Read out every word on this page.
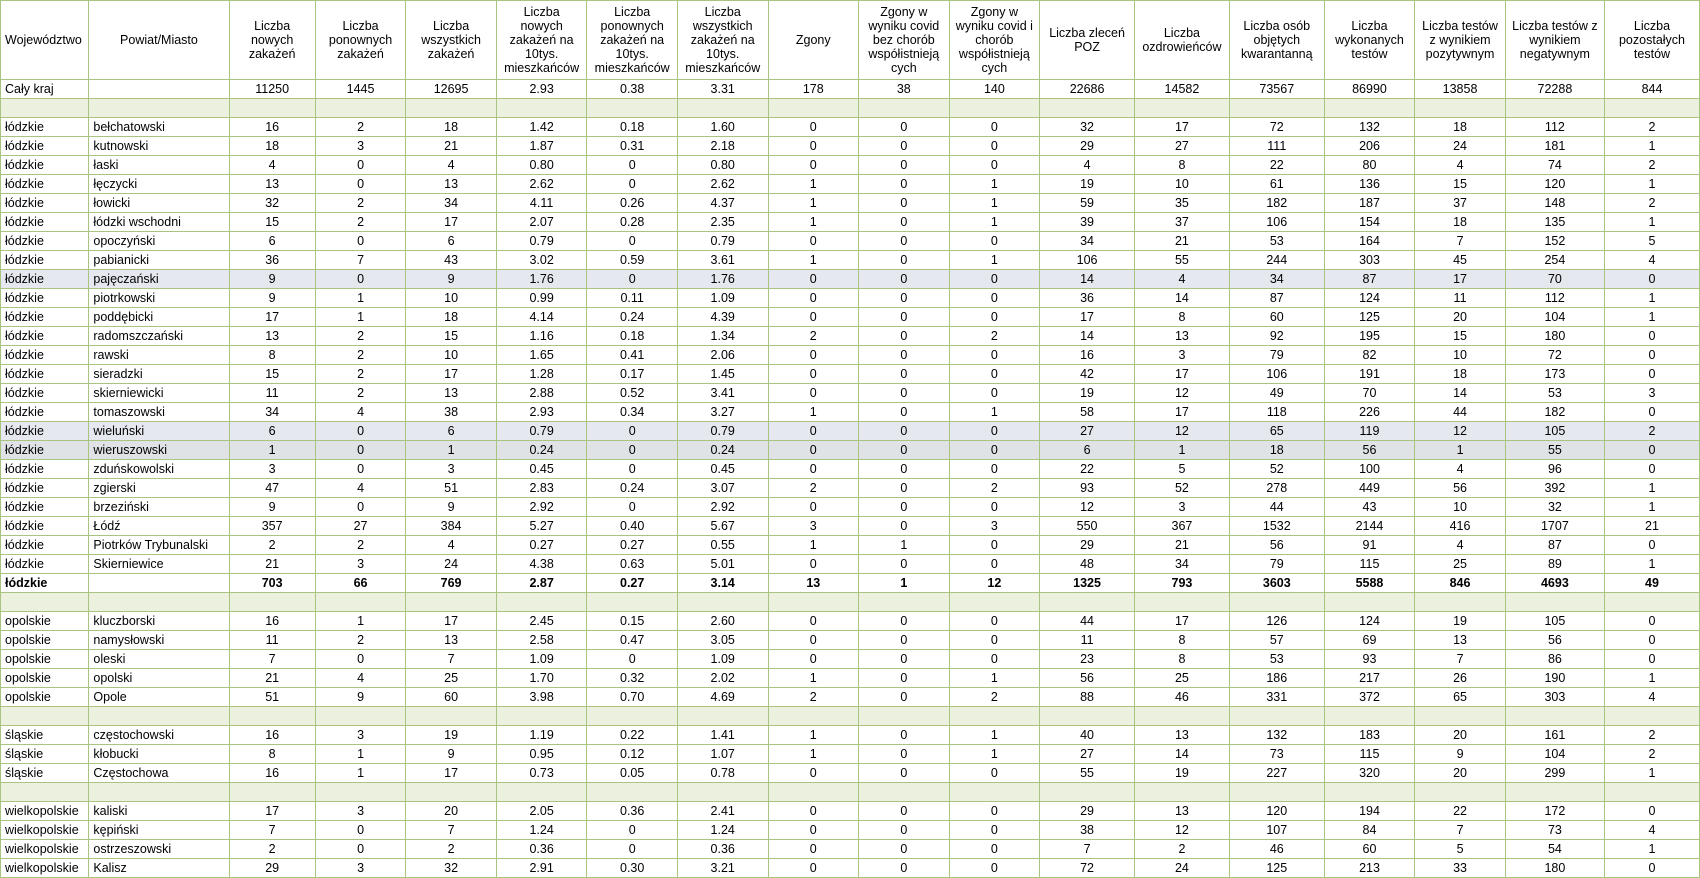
Województwo	Powiat/Miasto	Liczba nowych zakażeń	Liczba ponownych zakażeń	Liczba wszystkich zakażeń	Liczba nowych zakażeń na 10tys. mieszkańców	Liczba ponownych zakażeń na 10tys. mieszkańców	Liczba wszystkich zakażeń na 10tys. mieszkańców	Zgony	Zgony w wyniku covid bez chorób współistnieją cych	Zgony w wyniku covid i chorób współistnieją cych	Liczba zleceń POZ	Liczba ozdrowieńców	Liczba osób objętych kwarantanną	Liczba wykonanych testów	Liczba testów z wynikiem pozytywnym	Liczba testów z wynikiem negatywnym	Liczba pozostałych testów
Cały kraj		11250	1445	12695	2.93	0.38	3.31	178	38	140	22686	14582	73567	86990	13858	72288	844

łódzkie	bełchatowski	16	2	18	1.42	0.18	1.60	0	0	0	32	17	72	132	18	112	2
łódzkie	kutnowski	18	3	21	1.87	0.31	2.18	0	0	0	29	27	111	206	24	181	1
łódzkie	łaski	4	0	4	0.80	0	0.80	0	0	0	4	8	22	80	4	74	2
łódzkie	łęczycki	13	0	13	2.62	0	2.62	1	0	1	19	10	61	136	15	120	1
łódzkie	łowicki	32	2	34	4.11	0.26	4.37	1	0	1	59	35	182	187	37	148	2
łódzkie	łódzki wschodni	15	2	17	2.07	0.28	2.35	1	0	1	39	37	106	154	18	135	1
łódzkie	opoczyński	6	0	6	0.79	0	0.79	0	0	0	34	21	53	164	7	152	5
łódzkie	pabianicki	36	7	43	3.02	0.59	3.61	1	0	1	106	55	244	303	45	254	4
łódzkie	pajęczański	9	0	9	1.76	0	1.76	0	0	0	14	4	34	87	17	70	0
łódzkie	piotrkowski	9	1	10	0.99	0.11	1.09	0	0	0	36	14	87	124	11	112	1
łódzkie	poddębicki	17	1	18	4.14	0.24	4.39	0	0	0	17	8	60	125	20	104	1
łódzkie	radomszczański	13	2	15	1.16	0.18	1.34	2	0	2	14	13	92	195	15	180	0
łódzkie	rawski	8	2	10	1.65	0.41	2.06	0	0	0	16	3	79	82	10	72	0
łódzkie	sieradzki	15	2	17	1.28	0.17	1.45	0	0	0	42	17	106	191	18	173	0
łódzkie	skierniewicki	11	2	13	2.88	0.52	3.41	0	0	0	19	12	49	70	14	53	3
łódzkie	tomaszowski	34	4	38	2.93	0.34	3.27	1	0	1	58	17	118	226	44	182	0
łódzkie	wieluński	6	0	6	0.79	0	0.79	0	0	0	27	12	65	119	12	105	2
łódzkie	wieruszowski	1	0	1	0.24	0	0.24	0	0	0	6	1	18	56	1	55	0
łódzkie	zduńskowolski	3	0	3	0.45	0	0.45	0	0	0	22	5	52	100	4	96	0
łódzkie	zgierski	47	4	51	2.83	0.24	3.07	2	0	2	93	52	278	449	56	392	1
łódzkie	brzeziński	9	0	9	2.92	0	2.92	0	0	0	12	3	44	43	10	32	1
łódzkie	Łódź	357	27	384	5.27	0.40	5.67	3	0	3	550	367	1532	2144	416	1707	21
łódzkie	Piotrków Trybunalski	2	2	4	0.27	0.27	0.55	1	1	0	29	21	56	91	4	87	0
łódzkie	Skierniewice	21	3	24	4.38	0.63	5.01	0	0	0	48	34	79	115	25	89	1
łódzkie		703	66	769	2.87	0.27	3.14	13	1	12	1325	793	3603	5588	846	4693	49

opolskie	kluczborski	16	1	17	2.45	0.15	2.60	0	0	0	44	17	126	124	19	105	0
opolskie	namysłowski	11	2	13	2.58	0.47	3.05	0	0	0	11	8	57	69	13	56	0
opolskie	oleski	7	0	7	1.09	0	1.09	0	0	0	23	8	53	93	7	86	0
opolskie	opolski	21	4	25	1.70	0.32	2.02	1	0	1	56	25	186	217	26	190	1
opolskie	Opole	51	9	60	3.98	0.70	4.69	2	0	2	88	46	331	372	65	303	4

śląskie	częstochowski	16	3	19	1.19	0.22	1.41	1	0	1	40	13	132	183	20	161	2
śląskie	kłobucki	8	1	9	0.95	0.12	1.07	1	0	1	27	14	73	115	9	104	2
śląskie	Częstochowa	16	1	17	0.73	0.05	0.78	0	0	0	55	19	227	320	20	299	1

wielkopolskie	kaliski	17	3	20	2.05	0.36	2.41	0	0	0	29	13	120	194	22	172	0
wielkopolskie	kępiński	7	0	7	1.24	0	1.24	0	0	0	38	12	107	84	7	73	4
wielkopolskie	ostrzeszowski	2	0	2	0.36	0	0.36	0	0	0	7	2	46	60	5	54	1
wielkopolskie	Kalisz	29	3	32	2.91	0.30	3.21	0	0	0	72	24	125	213	33	180	0
